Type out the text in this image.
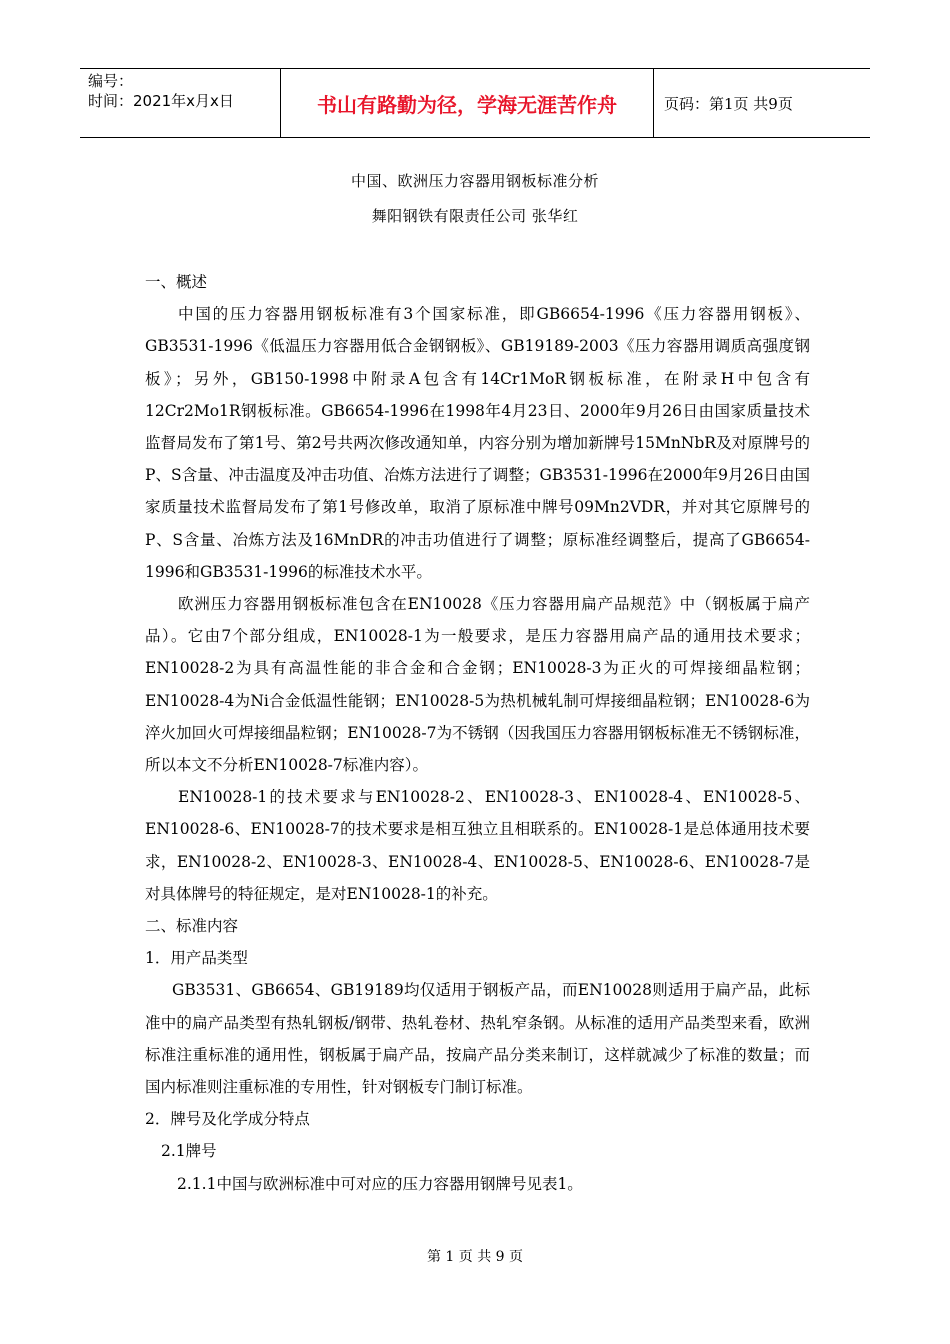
编号：
时间：2021年x月x日	书山有路勤为径，学海无涯苦作舟	页码：第1页 共9页
中国、欧洲压力容器用钢板标准分析
舞阳钢铁有限责任公司 张华红

一、概述

中国的压力容器用钢板标准有3个国家标准，即GB6654-1996《压力容器用钢板》、GB3531-1996《低温压力容器用低合金钢钢板》、GB19189-2003《压力容器用调质高强度钢板》；另外，GB150-1998中附录A包含有14Cr1MoR钢板标准，在附录H中包含有12Cr2Mo1R钢板标准。GB6654-1996在1998年4月23日、2000年9月26日由国家质量技术监督局发布了第1号、第2号共两次修改通知单，内容分别为增加新牌号15MnNbR及对原牌号的P、S含量、冲击温度及冲击功值、冶炼方法进行了调整；GB3531-1996在2000年9月26日由国家质量技术监督局发布了第1号修改单，取消了原标准中牌号09Mn2VDR，并对其它原牌号的P、S含量、冶炼方法及16MnDR的冲击功值进行了调整；原标准经调整后，提高了GB6654-1996和GB3531-1996的标准技术水平。

欧洲压力容器用钢板标准包含在EN10028《压力容器用扁产品规范》中（钢板属于扁产品）。它由7个部分组成，EN10028-1为一般要求，是压力容器用扁产品的通用技术要求；EN10028-2为具有高温性能的非合金和合金钢；EN10028-3为正火的可焊接细晶粒钢；EN10028-4为Ni合金低温性能钢；EN10028-5为热机械轧制可焊接细晶粒钢；EN10028-6为淬火加回火可焊接细晶粒钢；EN10028-7为不锈钢（因我国压力容器用钢板标准无不锈钢标准，所以本文不分析EN10028-7标准内容）。

EN10028-1的技术要求与EN10028-2、EN10028-3、EN10028-4、EN10028-5、EN10028-6、EN10028-7的技术要求是相互独立且相联系的。EN10028-1是总体通用技术要求，EN10028-2、EN10028-3、EN10028-4、EN10028-5、EN10028-6、EN10028-7是对具体牌号的特征规定，是对EN10028-1的补充。

二、标准内容

1．用产品类型

GB3531、GB6654、GB19189均仅适用于钢板产品，而EN10028则适用于扁产品，此标准中的扁产品类型有热轧钢板/钢带、热轧卷材、热轧窄条钢。从标准的适用产品类型来看，欧洲标准注重标准的通用性，钢板属于扁产品，按扁产品分类来制订，这样就减少了标准的数量；而国内标准则注重标准的专用性，针对钢板专门制订标准。

2．牌号及化学成分特点

2.1牌号

2.1.1中国与欧洲标准中可对应的压力容器用钢牌号见表1。

第 1 页 共 9 页
